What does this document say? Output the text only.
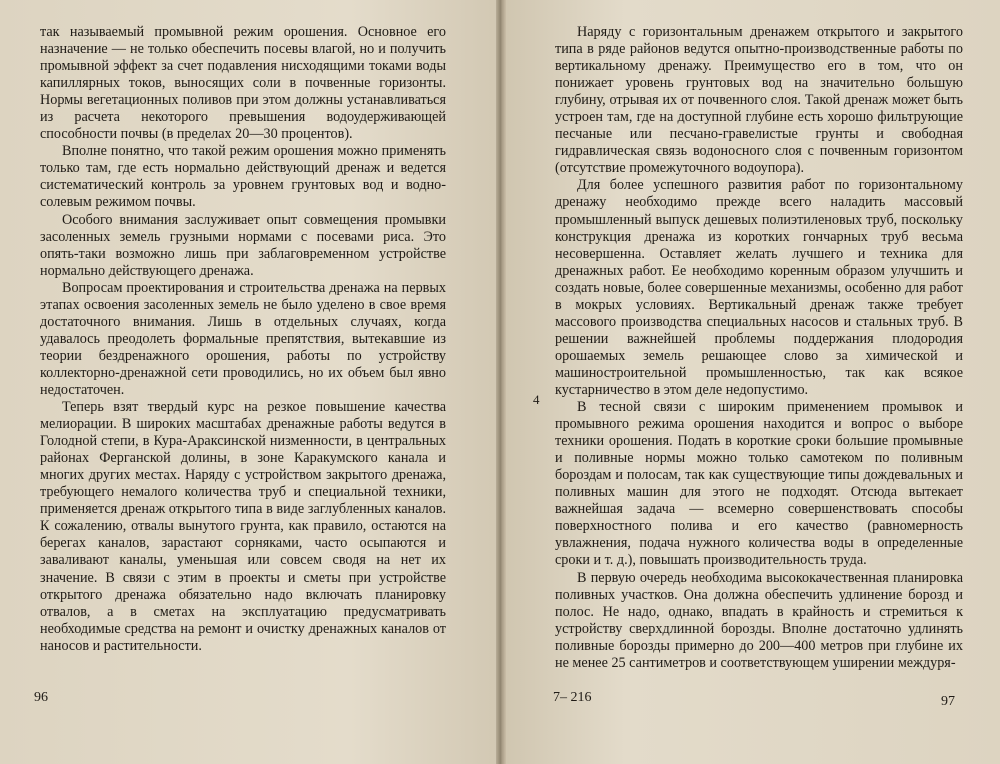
так называемый промывной режим орошения. Основное его назначение — не только обеспечить посевы влагой, но и получить промывной эффект за счет подавления нисходящими токами воды капиллярных токов, выносящих соли в почвенные горизонты. Нормы вегетационных поливов при этом должны устанавливаться из расчета некоторого превышения водоудерживающей способности почвы (в пределах 20—30 процентов).

Вполне понятно, что такой режим орошения можно применять только там, где есть нормально действующий дренаж и ведется систематический контроль за уровнем грунтовых вод и водно-солевым режимом почвы.

Особого внимания заслуживает опыт совмещения промывки засоленных земель грузными нормами с посевами риса. Это опять-таки возможно лишь при заблаговременном устройстве нормально действующего дренажа.

Вопросам проектирования и строительства дренажа на первых этапах освоения засоленных земель не было уделено в свое время достаточного внимания. Лишь в отдельных случаях, когда удавалось преодолеть формальные препятствия, вытекавшие из теории бездренажного орошения, работы по устройству коллекторно-дренажной сети проводились, но их объем был явно недостаточен.

Теперь взят твердый курс на резкое повышение качества мелиорации. В широких масштабах дренажные работы ведутся в Голодной степи, в Кура-Араксинской низменности, в центральных районах Ферганской долины, в зоне Каракумского канала и многих других местах. Наряду с устройством закрытого дренажа, требующего немалого количества труб и специальной техники, применяется дренаж открытого типа в виде заглубленных каналов. К сожалению, отвалы вынутого грунта, как правило, остаются на берегах каналов, зарастают сорняками, часто осыпаются и заваливают каналы, уменьшая или совсем сводя на нет их значение. В связи с этим в проекты и сметы при устройстве открытого дренажа обязательно надо включать планировку отвалов, а в сметах на эксплуатацию предусматривать необходимые средства на ремонт и очистку дренажных каналов от наносов и растительности.

96
4

Наряду с горизонтальным дренажем открытого и закрытого типа в ряде районов ведутся опытно-производственные работы по вертикальному дренажу. Преимущество его в том, что он понижает уровень грунтовых вод на значительно большую глубину, отрывая их от почвенного слоя. Такой дренаж может быть устроен там, где на доступной глубине есть хорошо фильтрующие песчаные или песчано-гравелистые грунты и свободная гидравлическая связь водоносного слоя с почвенным горизонтом (отсутствие промежуточного водоупора).

Для более успешного развития работ по горизонтальному дренажу необходимо прежде всего наладить массовый промышленный выпуск дешевых полиэтиленовых труб, поскольку конструкция дренажа из коротких гончарных труб весьма несовершенна. Оставляет желать лучшего и техника для дренажных работ. Ее необходимо коренным образом улучшить и создать новые, более совершенные механизмы, особенно для работ в мокрых условиях. Вертикальный дренаж также требует массового производства специальных насосов и стальных труб. В решении важнейшей проблемы поддержания плодородия орошаемых земель решающее слово за химической и машиностроительной промышленностью, так как всякое кустарничество в этом деле недопустимо.

В тесной связи с широким применением промывок и промывного режима орошения находится и вопрос о выборе техники орошения. Подать в короткие сроки большие промывные и поливные нормы можно только самотеком по поливным бороздам и полосам, так как существующие типы дождевальных и поливных машин для этого не подходят. Отсюда вытекает важнейшая задача — всемерно совершенствовать способы поверхностного полива и его качество (равномерность увлажнения, подача нужного количества воды в определенные сроки и т. д.), повышать производительность труда.

В первую очередь необходима высококачественная планировка поливных участков. Она должна обеспечить удлинение борозд и полос. Не надо, однако, впадать в крайность и стремиться к устройству сверхдлинной борозды. Вполне достаточно удлинять поливные борозды примерно до 200—400 метров при глубине их не менее 25 сантиметров и соответствующем уширении междуря-

7– 216	97
